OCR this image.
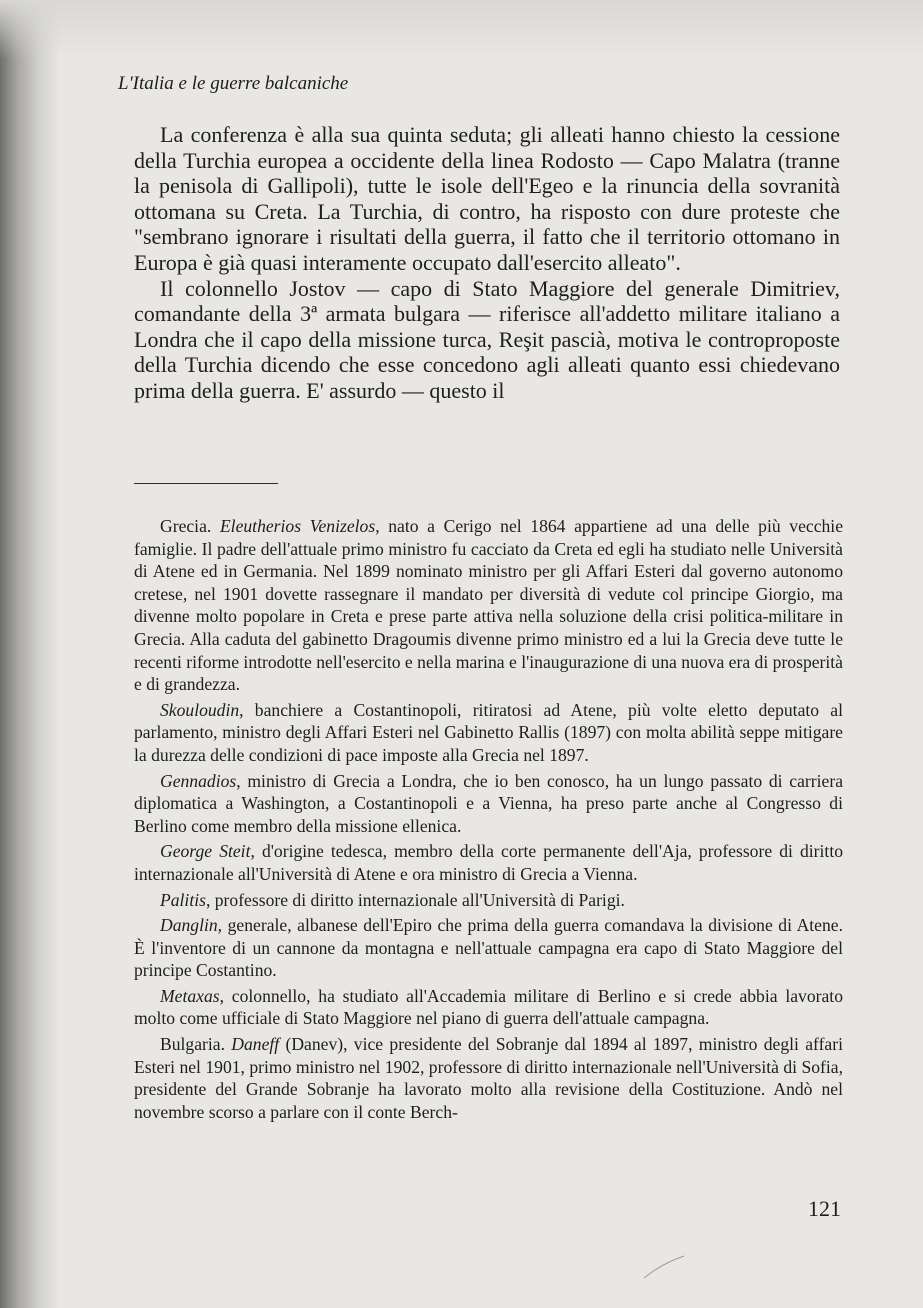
L'Italia e le guerre balcaniche

La conferenza è alla sua quinta seduta; gli alleati hanno chiesto la cessione della Turchia europea a occidente della linea Rodosto — Capo Malatra (tranne la penisola di Gallipoli), tutte le isole dell'Egeo e la rinuncia della sovranità ottomana su Creta. La Turchia, di contro, ha risposto con dure proteste che "sembrano ignorare i risultati della guerra, il fatto che il territorio ottomano in Europa è già quasi interamente occupato dall'esercito alleato".

Il colonnello Jostov — capo di Stato Maggiore del generale Dimitriev, comandante della 3ª armata bulgara — riferisce all'addetto militare italiano a Londra che il capo della missione turca, Reşit pascià, motiva le controproposte della Turchia dicendo che esse concedono agli alleati quanto essi chiedevano prima della guerra. E' assurdo — questo il

Grecia. Eleutherios Venizelos, nato a Cerigo nel 1864 appartiene ad una delle più vecchie famiglie. Il padre dell'attuale primo ministro fu cacciato da Creta ed egli ha studiato nelle Università di Atene ed in Germania. Nel 1899 nominato ministro per gli Affari Esteri dal governo autonomo cretese, nel 1901 dovette rassegnare il mandato per diversità di vedute col principe Giorgio, ma divenne molto popolare in Creta e prese parte attiva nella soluzione della crisi politica-militare in Grecia. Alla caduta del gabinetto Dragoumis divenne primo ministro ed a lui la Grecia deve tutte le recenti riforme introdotte nell'esercito e nella marina e l'inaugurazione di una nuova era di prosperità e di grandezza.

Skouloudin, banchiere a Costantinopoli, ritiratosi ad Atene, più volte eletto deputato al parlamento, ministro degli Affari Esteri nel Gabinetto Rallis (1897) con molta abilità seppe mitigare la durezza delle condizioni di pace imposte alla Grecia nel 1897.

Gennadios, ministro di Grecia a Londra, che io ben conosco, ha un lungo passato di carriera diplomatica a Washington, a Costantinopoli e a Vienna, ha preso parte anche al Congresso di Berlino come membro della missione ellenica.

George Steit, d'origine tedesca, membro della corte permanente dell'Aja, professore di diritto internazionale all'Università di Atene e ora ministro di Grecia a Vienna.

Palitis, professore di diritto internazionale all'Università di Parigi.

Danglin, generale, albanese dell'Epiro che prima della guerra comandava la divisione di Atene. È l'inventore di un cannone da montagna e nell'attuale campagna era capo di Stato Maggiore del principe Costantino.

Metaxas, colonnello, ha studiato all'Accademia militare di Berlino e si crede abbia lavorato molto come ufficiale di Stato Maggiore nel piano di guerra dell'attuale campagna.

Bulgaria. Daneff (Danev), vice presidente del Sobranje dal 1894 al 1897, ministro degli affari Esteri nel 1901, primo ministro nel 1902, professore di diritto internazionale nell'Università di Sofia, presidente del Grande Sobranje ha lavorato molto alla revisione della Costituzione. Andò nel novembre scorso a parlare con il conte Berch-

121
